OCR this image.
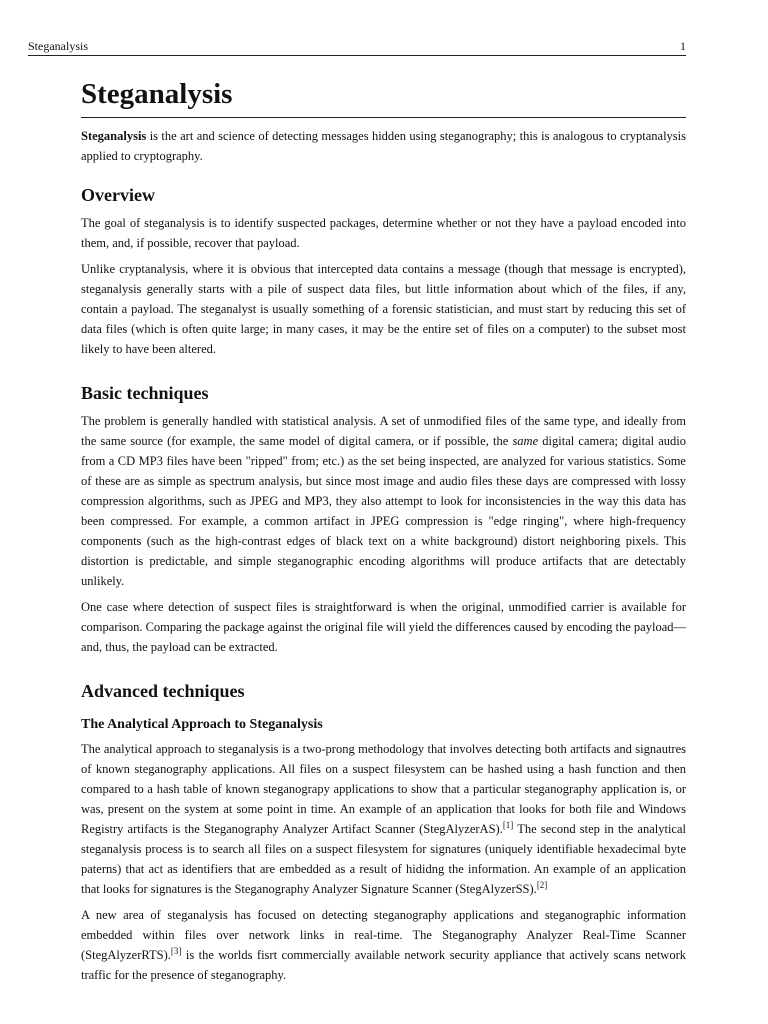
Steganalysis	1
Steganalysis

Steganalysis is the art and science of detecting messages hidden using steganography; this is analogous to cryptanalysis applied to cryptography.

Overview

The goal of steganalysis is to identify suspected packages, determine whether or not they have a payload encoded into them, and, if possible, recover that payload.

Unlike cryptanalysis, where it is obvious that intercepted data contains a message (though that message is encrypted), steganalysis generally starts with a pile of suspect data files, but little information about which of the files, if any, contain a payload. The steganalyst is usually something of a forensic statistician, and must start by reducing this set of data files (which is often quite large; in many cases, it may be the entire set of files on a computer) to the subset most likely to have been altered.

Basic techniques

The problem is generally handled with statistical analysis. A set of unmodified files of the same type, and ideally from the same source (for example, the same model of digital camera, or if possible, the same digital camera; digital audio from a CD MP3 files have been "ripped" from; etc.) as the set being inspected, are analyzed for various statistics. Some of these are as simple as spectrum analysis, but since most image and audio files these days are compressed with lossy compression algorithms, such as JPEG and MP3, they also attempt to look for inconsistencies in the way this data has been compressed. For example, a common artifact in JPEG compression is "edge ringing", where high-frequency components (such as the high-contrast edges of black text on a white background) distort neighboring pixels. This distortion is predictable, and simple steganographic encoding algorithms will produce artifacts that are detectably unlikely.

One case where detection of suspect files is straightforward is when the original, unmodified carrier is available for comparison. Comparing the package against the original file will yield the differences caused by encoding the payload—and, thus, the payload can be extracted.

Advanced techniques
The Analytical Approach to Steganalysis

The analytical approach to steganalysis is a two-prong methodology that involves detecting both artifacts and signautres of known steganography applications. All files on a suspect filesystem can be hashed using a hash function and then compared to a hash table of known steganograpy applications to show that a particular steganography application is, or was, present on the system at some point in time. An example of an application that looks for both file and Windows Registry artifacts is the Steganography Analyzer Artifact Scanner (StegAlyzerAS).[1] The second step in the analytical steganalysis process is to search all files on a suspect filesystem for signatures (uniquely identifiable hexadecimal byte paterns) that act as identifiers that are embedded as a result of hididng the information. An example of an application that looks for signatures is the Steganography Analyzer Signature Scanner (StegAlyzerSS).[2]

A new area of steganalysis has focused on detecting steganography applications and steganographic information embedded within files over network links in real-time. The Steganography Analyzer Real-Time Scanner (StegAlyzerRTS).[3] is the worlds fisrt commercially available network security appliance that actively scans network traffic for the presence of steganography.
